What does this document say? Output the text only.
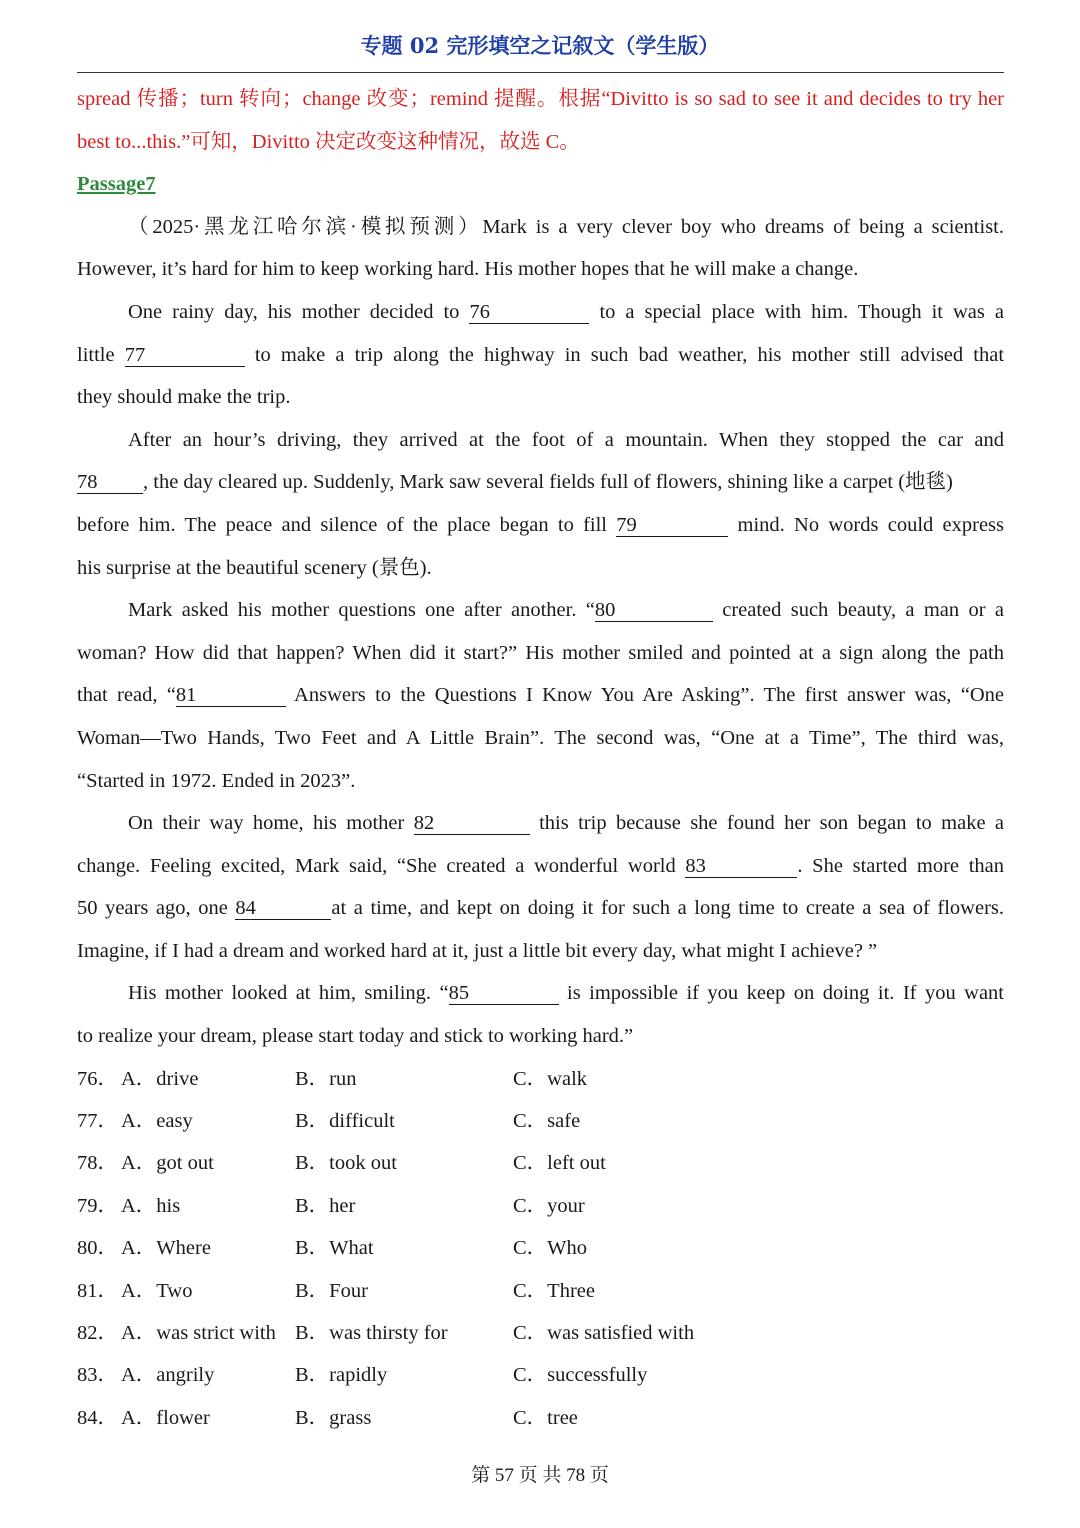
专题 02 完形填空之记叙文（学生版）
spread 传播；turn 转向；change 改变；remind 提醒。根据“Divitto is so sad to see it and decides to try her
best to...this.”可知，Divitto 决定改变这种情况，故选 C。
Passage7
（2025·黑龙江哈尔滨·模拟预测）Mark is a very clever boy who dreams of being a scientist.
However, it’s hard for him to keep working hard. His mother hopes that he will make a change.
One rainy day, his mother decided to 76	to a special place with him. Though it was a
little 77	to make a trip along the highway in such bad weather, his mother still advised that
they should make the trip.
After an hour’s driving, they arrived at the foot of a mountain. When they stopped the car and
78 , the day cleared up. Suddenly, Mark saw several fields full of flowers, shining like a carpet (地毯)
before him. The peace and silence of the place began to fill 79	mind. No words could express
his surprise at the beautiful scenery (景色).
Mark asked his mother questions one after another. “80	created such beauty, a man or a
woman? How did that happen? When did it start?” His mother smiled and pointed at a sign along the path
that read, “81	Answers to the Questions I Know You Are Asking”. The first answer was, “One
Woman—Two Hands, Two Feet and A Little Brain”. The second was, “One at a Time”, The third was,
“Started in 1972. Ended in 2023”.
On their way home, his mother 82	this trip because she found her son began to make a
change. Feeling excited, Mark said, “She created a wonderful world 83	. She started more than
50 years ago, one 84	at a time, and kept on doing it for such a long time to create a sea of flowers.
Imagine, if I had a dream and worked hard at it, just a little bit every day, what might I achieve? ”
His mother looked at him, smiling. “85	is impossible if you keep on doing it. If you want
to realize your dream, please start today and stick to working hard.”
76． A．drive	B．run	C．walk
77． A．easy	B．difficult	C．safe
78． A．got out	B．took out	C．left out
79． A．his	B．her	C．your
80． A．Where	B．What	C．Who
81． A．Two	B．Four	C．Three
82． A．was strict with B．was thirsty for	C．was satisfied with
83． A．angrily	B．rapidly	C．successfully
84． A．flower	B．grass	C．tree
第 57 页 共 78 页
